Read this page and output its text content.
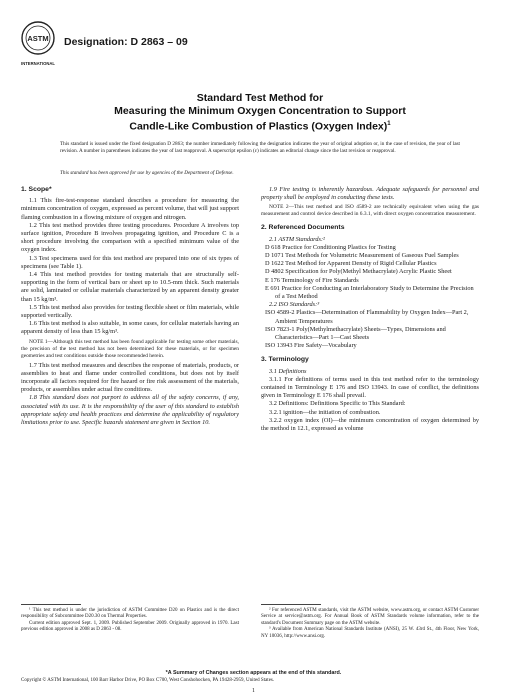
ASTM
INTERNATIONAL
Designation: D 2863 – 09
Standard Test Method for
Measuring the Minimum Oxygen Concentration to Support
Candle-Like Combustion of Plastics (Oxygen Index)$^1$
This standard is issued under the fixed designation D 2863; the number immediately following the designation indicates the year of original adoption or, in the case of revision, the year of last revision. A number in parentheses indicates the year of last reapproval. A superscript epsilon (ε) indicates an editorial change since the last revision or reapproval.
This standard has been approved for use by agencies of the Department of Defense.
1. Scope*

1.1 This fire-test-response standard describes a procedure for measuring the minimum concentration of oxygen, expressed as percent volume, that will just support flaming combustion in a flowing mixture of oxygen and nitrogen.

1.2 This test method provides three testing procedures. Procedure A involves top surface ignition, Procedure B involves propagating ignition, and Procedure C is a short procedure involving the comparison with a specified minimum value of the oxygen index.

1.3 Test specimens used for this test method are prepared into one of six types of specimens (see Table 1).

1.4 This test method provides for testing materials that are structurally self-supporting in the form of vertical bars or sheet up to 10.5-mm thick. Such materials are solid, laminated or cellular materials characterized by an apparent density greater than 15 kg/m³.

1.5 This test method also provides for testing flexible sheet or film materials, while supported vertically.

1.6 This test method is also suitable, in some cases, for cellular materials having an apparent density of less than 15 kg/m³.

NOTE 1—Although this test method has been found applicable for testing some other materials, the precision of the test method has not been determined for these materials, or for specimen geometries and test conditions outside those recommended herein.

1.7 This test method measures and describes the response of materials, products, or assemblies to heat and flame under controlled conditions, but does not by itself incorporate all factors required for fire hazard or fire risk assessment of the materials, products, or assemblies under actual fire conditions.

1.8 This standard does not purport to address all of the safety concerns, if any, associated with its use. It is the responsibility of the user of this standard to establish appropriate safety and health practices and determine the applicability of regulatory limitations prior to use. Specific hazards statement are given in Section 10.

¹ This test method is under the jurisdiction of ASTM Committee D20 on Plastics and is the direct responsibility of Subcommittee D20.30 on Thermal Properties.
Current edition approved Sept. 1, 2009. Published September 2009. Originally approved in 1970. Last previous edition approved in 2008 as D 2863 - 08.

1.9 Fire testing is inherently hazardous. Adequate safeguards for personnel and property shall be employed in conducting these tests.

NOTE 2—This test method and ISO 4589-2 are technically equivalent when using the gas measurement and control device described in 6.3.1, with direct oxygen concentration measurement.

2. Referenced Documents
2.1 ASTM Standards:²
D 618 Practice for Conditioning Plastics for Testing
D 1071 Test Methods for Volumetric Measurement of Gaseous Fuel Samples
D 1622 Test Method for Apparent Density of Rigid Cellular Plastics
D 4802 Specification for Poly(Methyl Methacrylate) Acrylic Plastic Sheet
E 176 Terminology of Fire Standards
E 691 Practice for Conducting an Interlaboratory Study to Determine the Precision of a Test Method
2.2 ISO Standards:³
ISO 4589-2 Plastics—Determination of Flammability by Oxygen Index—Part 2, Ambient Temperatures
ISO 7823-1 Poly(Methylmethacrylate) Sheets—Types, Dimensions and Characteristics—Part 1—Cast Sheets
ISO 13943 Fire Safety—Vocabulary
3. Terminology
3.1 Definitions

3.1.1 For definitions of terms used in this test method refer to the terminology contained in Terminology E 176 and ISO 13943. In case of conflict, the definitions given in Terminology E 176 shall prevail.

3.2 Definitions: Definitions Specific to This Standard:

3.2.1 ignition—the initiation of combustion.

3.2.2 oxygen index (OI)—the minimum concentration of oxygen determined by the method in 12.1, expressed as volume

² For referenced ASTM standards, visit the ASTM website, www.astm.org, or contact ASTM Customer Service at service@astm.org. For Annual Book of ASTM Standards volume information, refer to the standard's Document Summary page on the ASTM website.
³ Available from American National Standards Institute (ANSI), 25 W. 43rd St., 4th Floor, New York, NY 10036, http://www.ansi.org.
*A Summary of Changes section appears at the end of this standard.
Copyright © ASTM International, 100 Barr Harbor Drive, PO Box C700, West Conshohocken, PA 19428-2959, United States.
1
